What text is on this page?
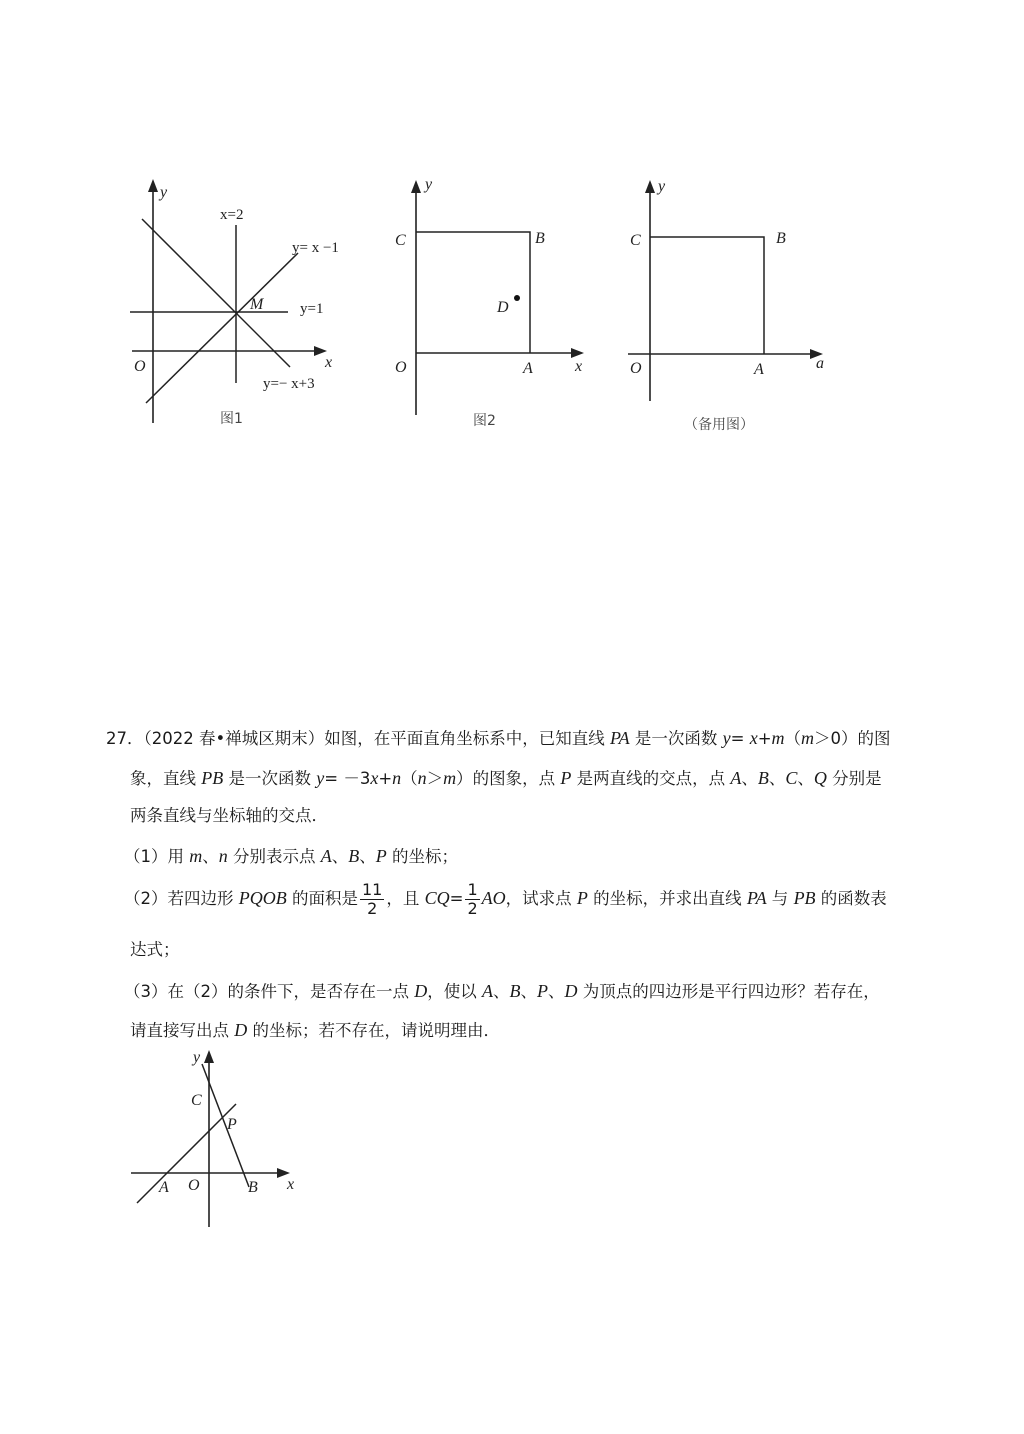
y
x
O
x=2
y= x −1
y=1
M
y=− x+3
图1
y
x
O
C	B
A
D
图2
y
a
O
C	B
A
（备用图）
27．（2022 春•禅城区期末）如图，在平面直角坐标系中，已知直线 PA 是一次函数 y= x+m（m＞0）的图
象，直线 PB 是一次函数 y= －3x+n（n＞m）的图象，点 P 是两直线的交点，点 A、B、C、Q 分别是
两条直线与坐标轴的交点．
（1）用 m、n 分别表示点 A、B、P 的坐标；
（2）若四边形 PQOB 的面积是 $\frac{11}{2}$ ，且 $CQ= \frac{1}{2}$ AO，试求点 P 的坐标，并求出直线 PA 与 PB 的函数表
达式；
（3）在（2）的条件下，是否存在一点 D，使以 A、B、P、D 为顶点的四边形是平行四边形？若存在，
请直接写出点 D 的坐标；若不存在，请说明理由．
y
x
O
C
P
A	B
